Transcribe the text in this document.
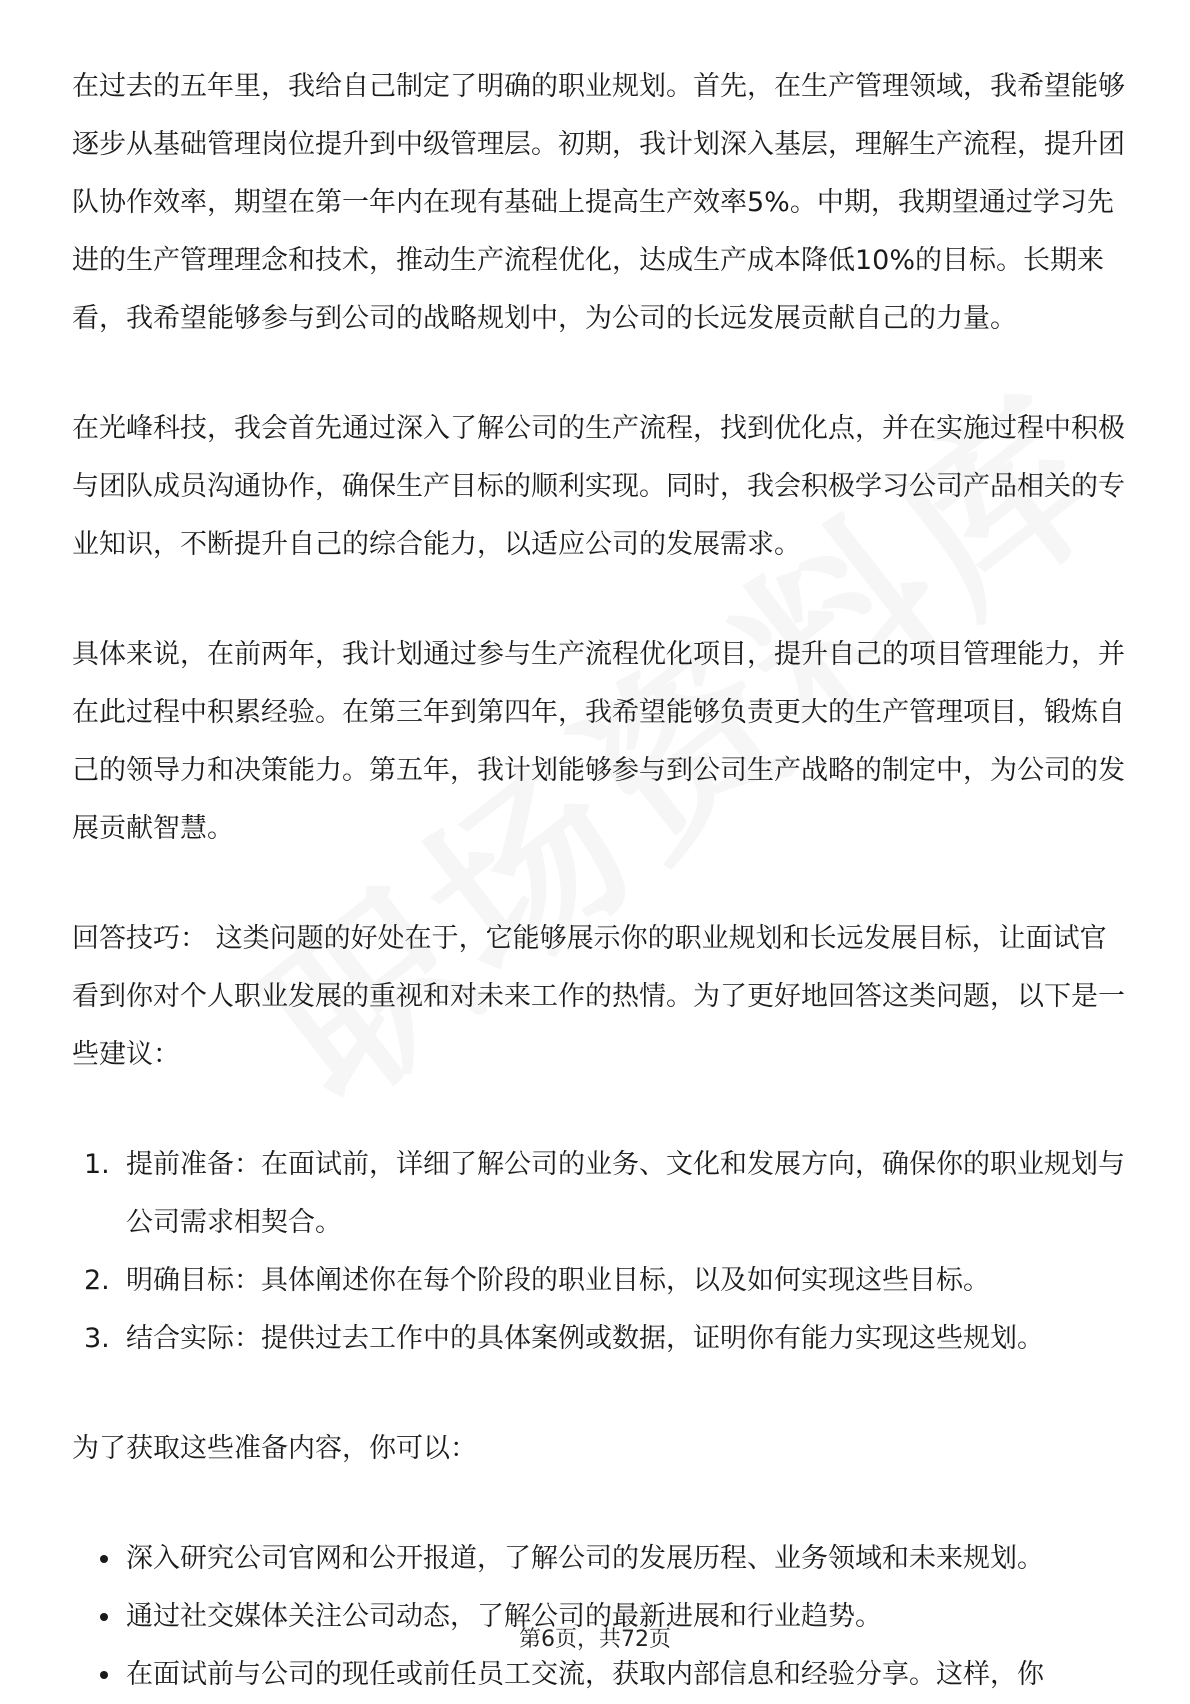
在过去的五年里，我给自己制定了明确的职业规划。首先，在生产管理领域，我希望能够逐步从基础管理岗位提升到中级管理层。初期，我计划深入基层，理解生产流程，提升团队协作效率，期望在第一年内在现有基础上提高生产效率5%。中期，我期望通过学习先进的生产管理理念和技术，推动生产流程优化，达成生产成本降低10%的目标。长期来看，我希望能够参与到公司的战略规划中，为公司的长远发展贡献自己的力量。

在光峰科技，我会首先通过深入了解公司的生产流程，找到优化点，并在实施过程中积极与团队成员沟通协作，确保生产目标的顺利实现。同时，我会积极学习公司产品相关的专业知识，不断提升自己的综合能力，以适应公司的发展需求。

具体来说，在前两年，我计划通过参与生产流程优化项目，提升自己的项目管理能力，并在此过程中积累经验。在第三年到第四年，我希望能够负责更大的生产管理项目，锻炼自己的领导力和决策能力。第五年，我计划能够参与到公司生产战略的制定中，为公司的发展贡献智慧。

回答技巧： 这类问题的好处在于，它能够展示你的职业规划和长远发展目标，让面试官看到你对个人职业发展的重视和对未来工作的热情。为了更好地回答这类问题，以下是一些建议：

1. 提前准备：在面试前，详细了解公司的业务、文化和发展方向，确保你的职业规划与公司需求相契合。
2. 明确目标：具体阐述你在每个阶段的职业目标，以及如何实现这些目标。
3. 结合实际：提供过去工作中的具体案例或数据，证明你有能力实现这些规划。

为了获取这些准备内容，你可以：

深入研究公司官网和公开报道，了解公司的发展历程、业务领域和未来规划。
通过社交媒体关注公司动态，了解公司的最新进展和行业趋势。
在面试前与公司的现任或前任员工交流，获取内部信息和经验分享。这样，你
第6页，共72页
